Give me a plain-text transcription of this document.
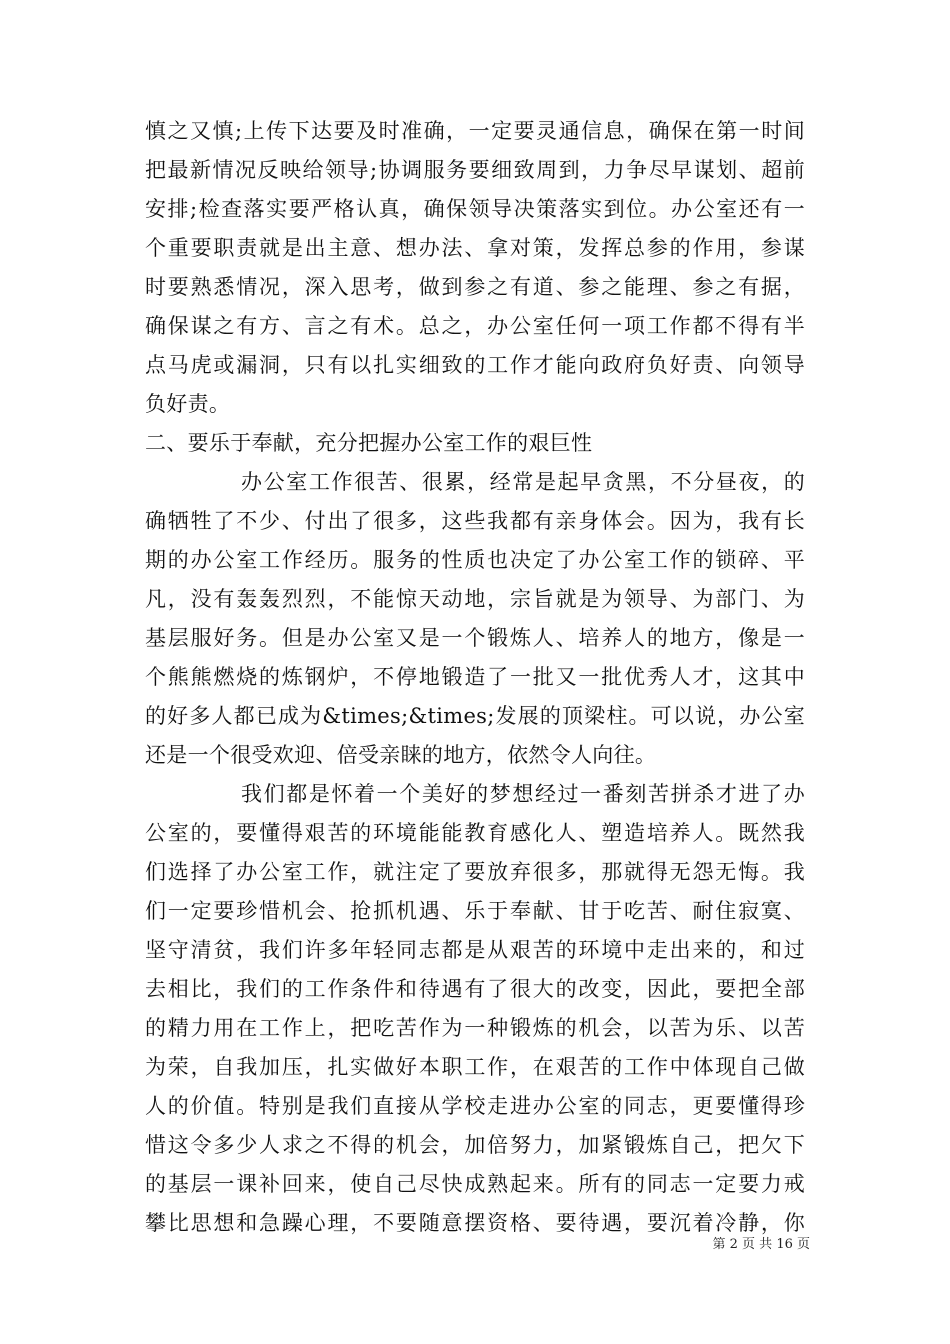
慎之又慎;上传下达要及时准确，一定要灵通信息，确保在第一时间
把最新情况反映给领导;协调服务要细致周到，力争尽早谋划、超前
安排;检查落实要严格认真，确保领导决策落实到位。办公室还有一
个重要职责就是出主意、想办法、拿对策，发挥总参的作用，参谋
时要熟悉情况，深入思考，做到参之有道、参之能理、参之有据，
确保谋之有方、言之有术。总之，办公室任何一项工作都不得有半
点马虎或漏洞，只有以扎实细致的工作才能向政府负好责、向领导
负好责。

二、要乐于奉献，充分把握办公室工作的艰巨性

办公室工作很苦、很累，经常是起早贪黑，不分昼夜，的
确牺牲了不少、付出了很多，这些我都有亲身体会。因为，我有长
期的办公室工作经历。服务的性质也决定了办公室工作的锁碎、平
凡，没有轰轰烈烈，不能惊天动地，宗旨就是为领导、为部门、为
基层服好务。但是办公室又是一个锻炼人、培养人的地方，像是一
个熊熊燃烧的炼钢炉，不停地锻造了一批又一批优秀人才，这其中
的好多人都已成为&times;&times;发展的顶梁柱。可以说，办公室
还是一个很受欢迎、倍受亲睐的地方，依然令人向往。

我们都是怀着一个美好的梦想经过一番刻苦拼杀才进了办
公室的，要懂得艰苦的环境能能教育感化人、塑造培养人。既然我
们选择了办公室工作，就注定了要放弃很多，那就得无怨无悔。我
们一定要珍惜机会、抢抓机遇、乐于奉献、甘于吃苦、耐住寂寞、
坚守清贫，我们许多年轻同志都是从艰苦的环境中走出来的，和过
去相比，我们的工作条件和待遇有了很大的改变，因此，要把全部
的精力用在工作上，把吃苦作为一种锻炼的机会，以苦为乐、以苦
为荣，自我加压，扎实做好本职工作，在艰苦的工作中体现自己做
人的价值。特别是我们直接从学校走进办公室的同志，更要懂得珍
惜这令多少人求之不得的机会，加倍努力，加紧锻炼自己，把欠下
的基层一课补回来，使自己尽快成熟起来。所有的同志一定要力戒
攀比思想和急躁心理，不要随意摆资格、要待遇，要沉着冷静，你

第 2 页 共 16 页
